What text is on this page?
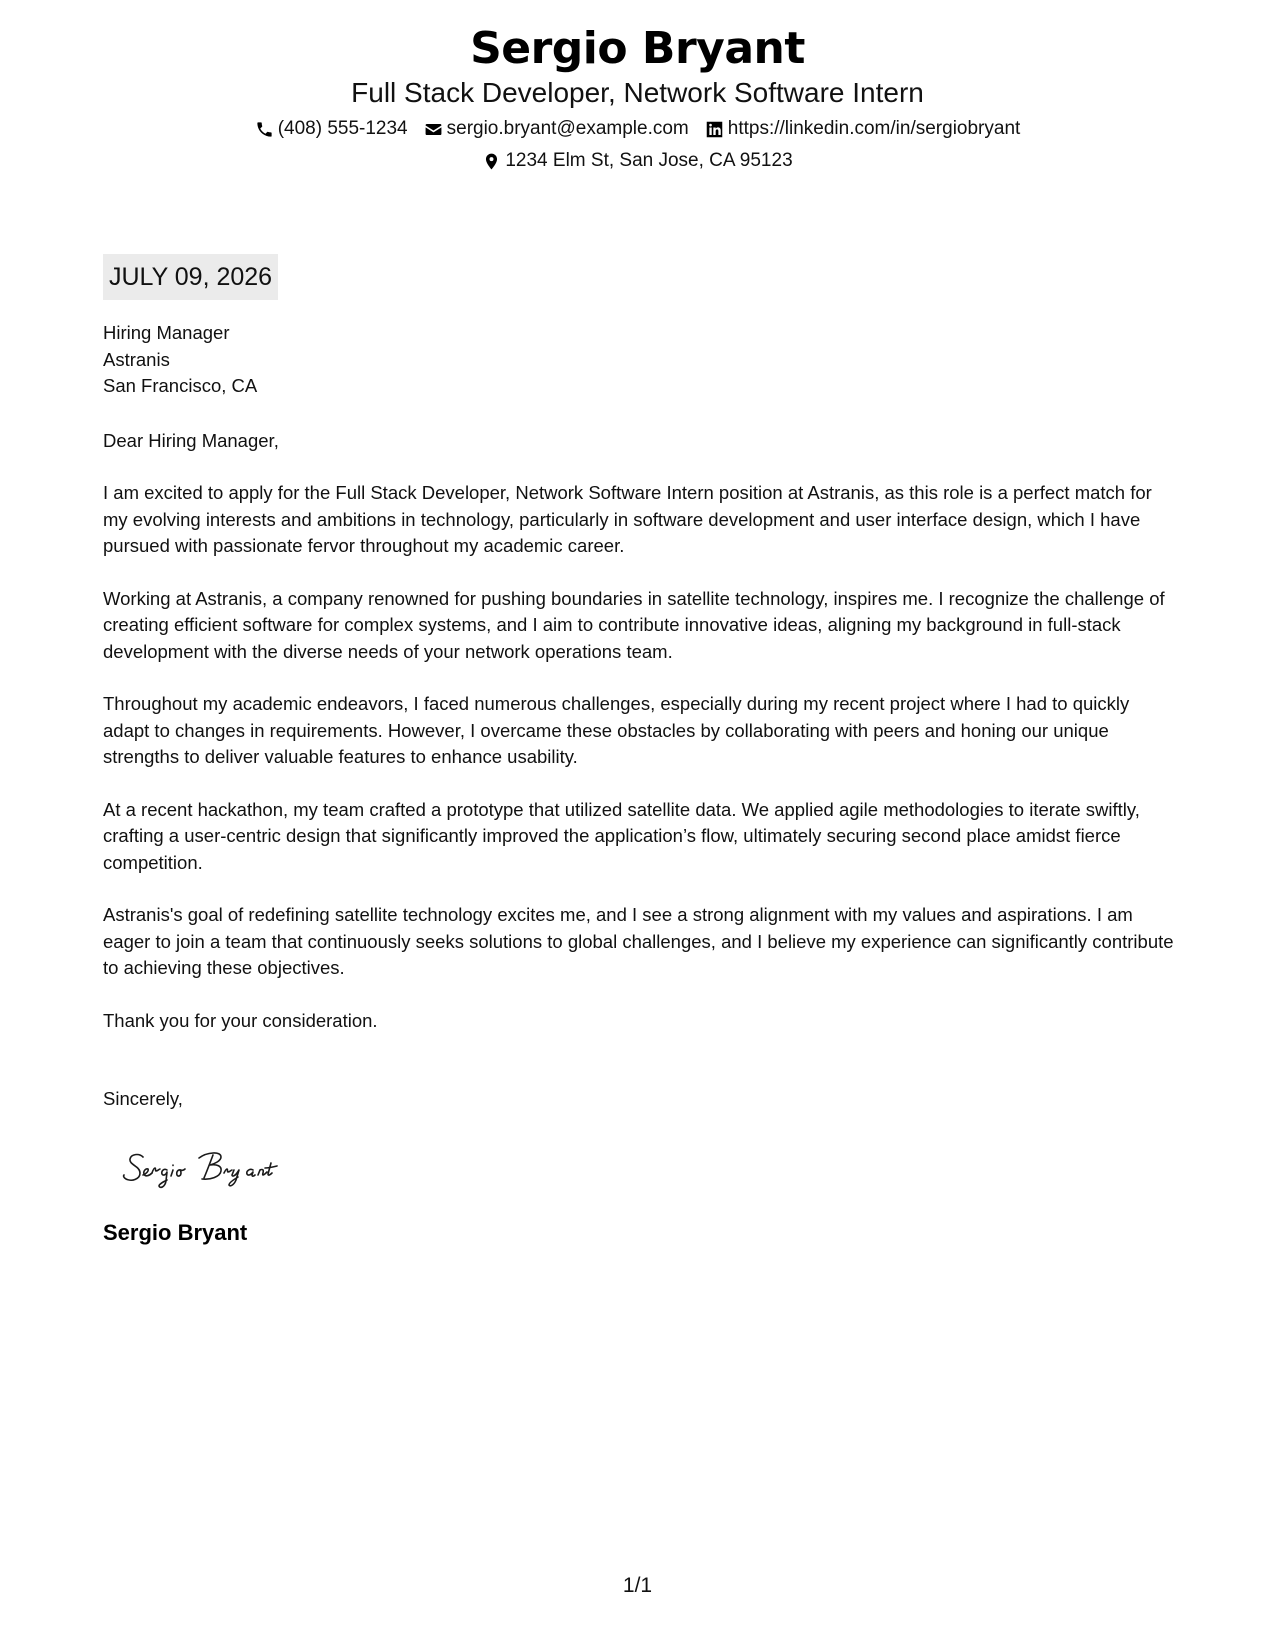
Sergio Bryant
Full Stack Developer, Network Software Intern
(408) 555-1234 sergio.bryant@example.com https://linkedin.com/in/sergiobryant
1234 Elm St, San Jose, CA 95123
JULY 09, 2026
Hiring Manager
Astranis
San Francisco, CA
Dear Hiring Manager,

I am excited to apply for the Full Stack Developer, Network Software Intern position at Astranis, as this role is a perfect match for my evolving interests and ambitions in technology, particularly in software development and user interface design, which I have pursued with passionate fervor throughout my academic career.

Working at Astranis, a company renowned for pushing boundaries in satellite technology, inspires me. I recognize the challenge of creating efficient software for complex systems, and I aim to contribute innovative ideas, aligning my background in full-stack development with the diverse needs of your network operations team.

Throughout my academic endeavors, I faced numerous challenges, especially during my recent project where I had to quickly adapt to changes in requirements. However, I overcame these obstacles by collaborating with peers and honing our unique strengths to deliver valuable features to enhance usability.

At a recent hackathon, my team crafted a prototype that utilized satellite data. We applied agile methodologies to iterate swiftly, crafting a user-centric design that significantly improved the application’s flow, ultimately securing second place amidst fierce competition.

Astranis's goal of redefining satellite technology excites me, and I see a strong alignment with my values and aspirations. I am eager to join a team that continuously seeks solutions to global challenges, and I believe my experience can significantly contribute to achieving these objectives.

Thank you for your consideration.

Sincerely,
Sergio Bryant
1/1
